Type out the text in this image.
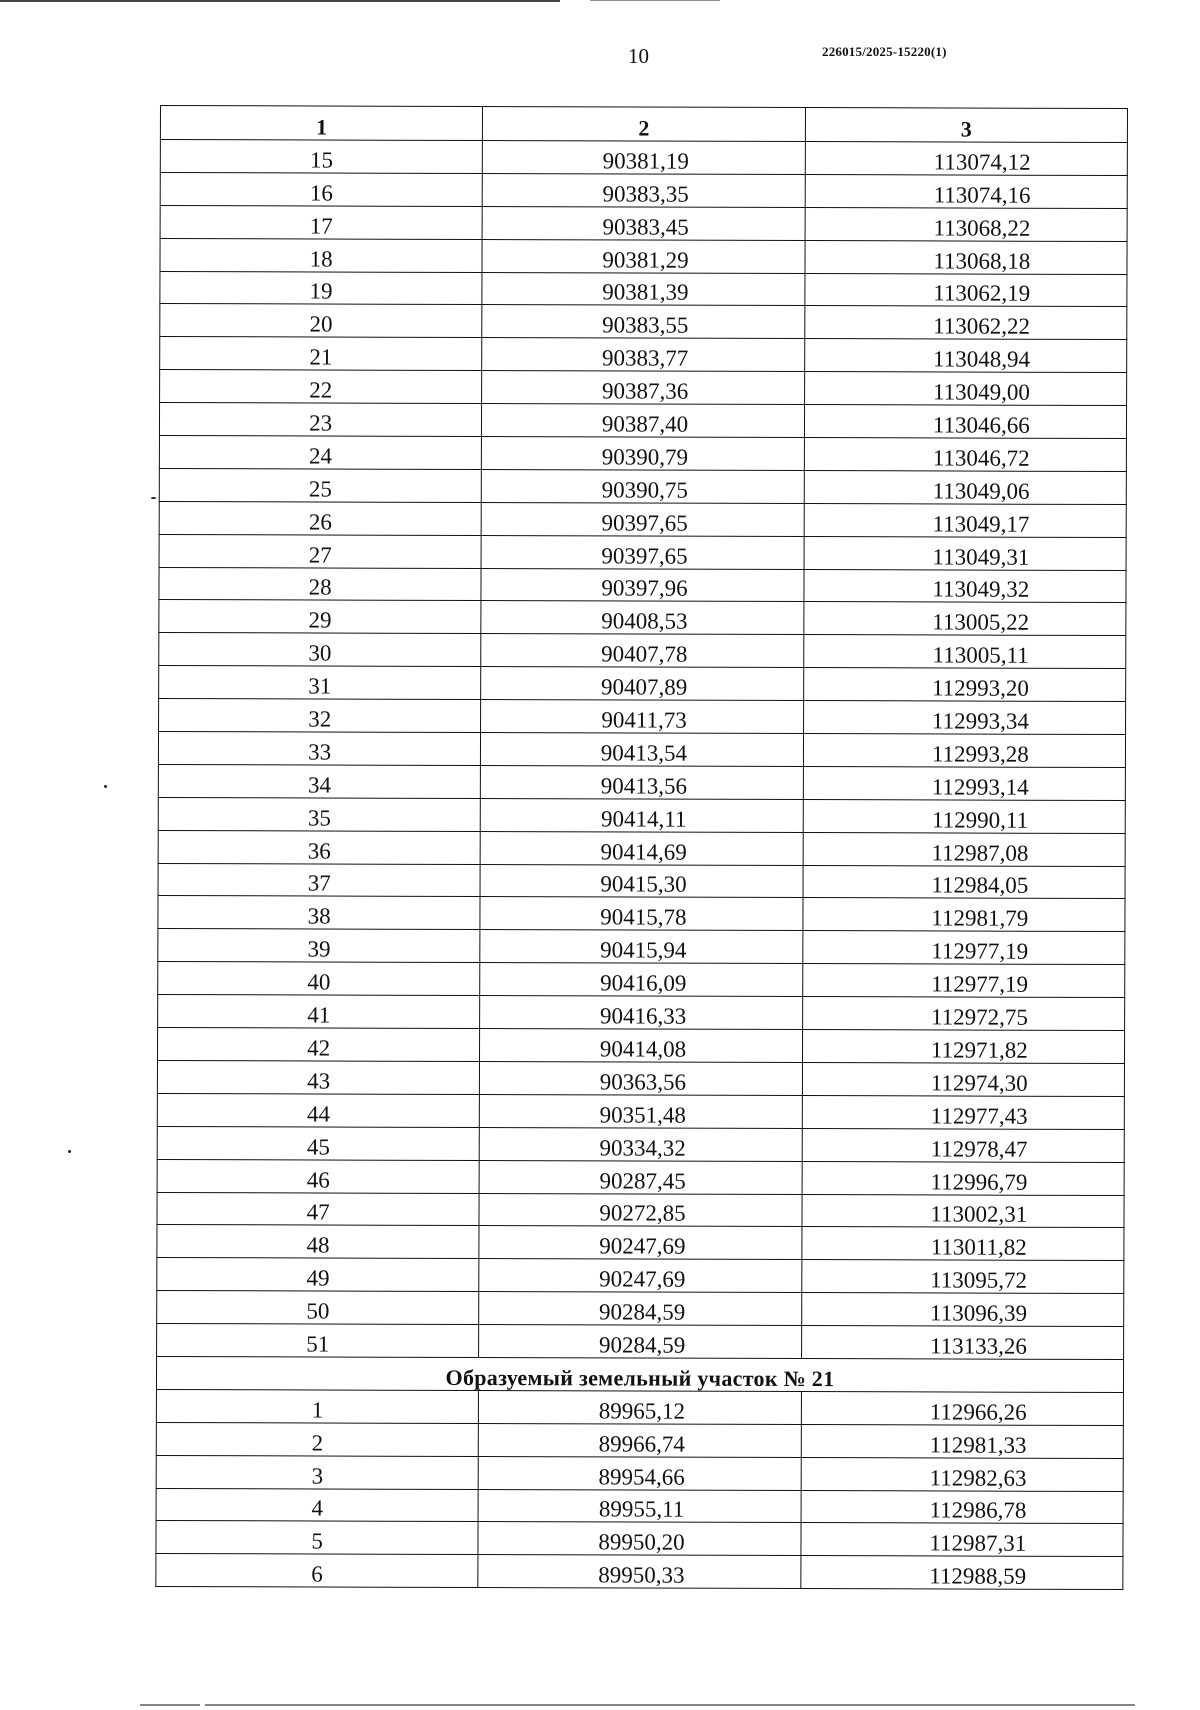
10	226015/2025-15220(1)
1	2	3
15	90381,19	113074,12
16	90383,35	113074,16
17	90383,45	113068,22
18	90381,29	113068,18
19	90381,39	113062,19
20	90383,55	113062,22
21	90383,77	113048,94
22	90387,36	113049,00
23	90387,40	113046,66
24	90390,79	113046,72
25	90390,75	113049,06
26	90397,65	113049,17
27	90397,65	113049,31
28	90397,96	113049,32
29	90408,53	113005,22
30	90407,78	113005,11
31	90407,89	112993,20
32	90411,73	112993,34
33	90413,54	112993,28
34	90413,56	112993,14
35	90414,11	112990,11
36	90414,69	112987,08
37	90415,30	112984,05
38	90415,78	112981,79
39	90415,94	112977,19
40	90416,09	112977,19
41	90416,33	112972,75
42	90414,08	112971,82
43	90363,56	112974,30
44	90351,48	112977,43
45	90334,32	112978,47
46	90287,45	112996,79
47	90272,85	113002,31
48	90247,69	113011,82
49	90247,69	113095,72
50	90284,59	113096,39
51	90284,59	113133,26
Образуемый земельный участок № 21		
1	89965,12	112966,26
2	89966,74	112981,33
3	89954,66	112982,63
4	89955,11	112986,78
5	89950,20	112987,31
6	89950,33	112988,59
